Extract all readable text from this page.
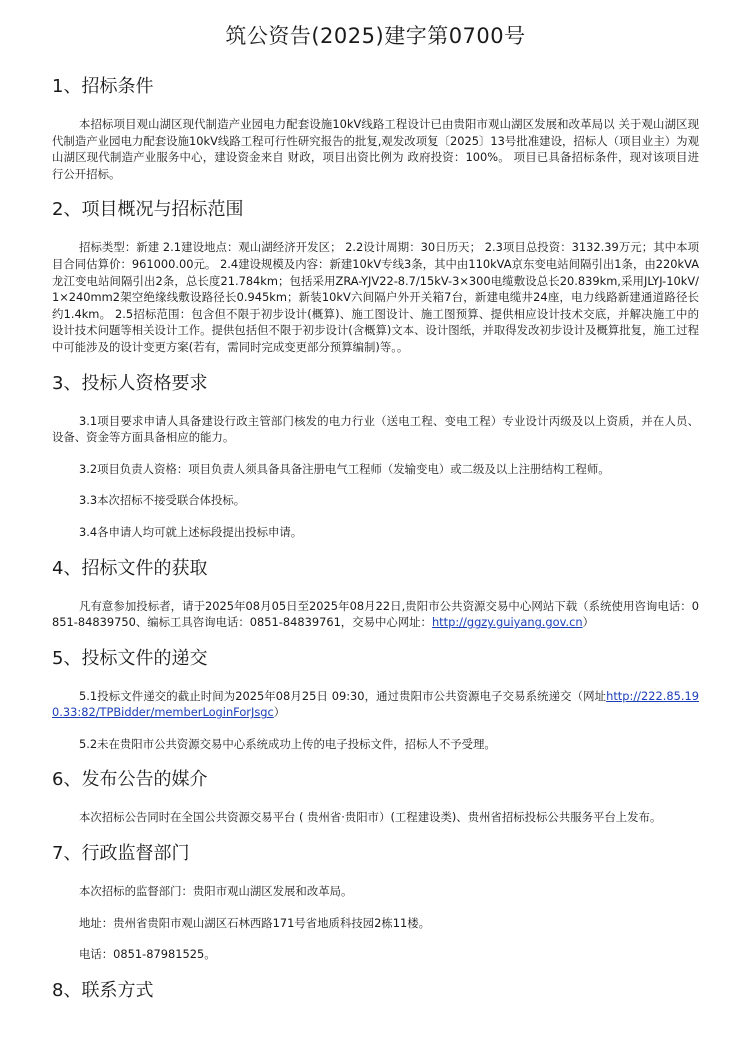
筑公资告(2025)建字第0700号
1、招标条件

本招标项目观山湖区现代制造产业园电力配套设施10kV线路工程设计已由贵阳市观山湖区发展和改革局以 关于观山湖区现代制造产业园电力配套设施10kV线路工程可行性研究报告的批复,观发改项复〔2025〕13号批准建设，招标人（项目业主）为观山湖区现代制造产业服务中心，建设资金来自 财政，项目出资比例为 政府投资：100%。 项目已具备招标条件，现对该项目进行公开招标。

2、项目概况与招标范围

招标类型：新建 2.1建设地点：观山湖经济开发区； 2.2设计周期：30日历天； 2.3项目总投资：3132.39万元；其中本项目合同估算价：961000.00元。 2.4建设规模及内容：新建10kV专线3条，其中由110kVA京东变电站间隔引出1条，由220kVA龙江变电站间隔引出2条，总长度21.784km；包括采用ZRA-YJV22-8.7/15kV-3×300电缆敷设总长20.839km,采用JLYJ-10kV/1×240mm2架空绝缘线敷设路径长0.945km；新装10kV六间隔户外开关箱7台，新建电缆井24座，电力线路新建通道路径长约1.4km。 2.5招标范围：包含但不限于初步设计(概算)、施工图设计、施工图预算、提供相应设计技术交底，并解决施工中的设计技术问题等相关设计工作。提供包括但不限于初步设计(含概算)文本、设计图纸，并取得发改初步设计及概算批复，施工过程中可能涉及的设计变更方案(若有，需同时完成变更部分预算编制)等。。

3、投标人资格要求

3.1项目要求申请人具备建设行政主管部门核发的电力行业（送电工程、变电工程）专业设计丙级及以上资质，并在人员、设备、资金等方面具备相应的能力。

3.2项目负责人资格：项目负责人须具备具备注册电气工程师（发输变电）或二级及以上注册结构工程师。

3.3本次招标不接受联合体投标。

3.4各申请人均可就上述标段提出投标申请。

4、招标文件的获取

凡有意参加投标者，请于2025年08月05日至2025年08月22日,贵阳市公共资源交易中心网站下载（系统使用咨询电话：0851-84839750、编标工具咨询电话：0851-84839761，交易中心网址：http://ggzy.guiyang.gov.cn）

5、投标文件的递交

5.1投标文件递交的截止时间为2025年08月25日 09:30，通过贵阳市公共资源电子交易系统递交（网址http://222.85.190.33:82/TPBidder/memberLoginForJsgc）

5.2未在贵阳市公共资源交易中心系统成功上传的电子投标文件，招标人不予受理。

6、发布公告的媒介

本次招标公告同时在全国公共资源交易平台 ( 贵州省·贵阳市）(工程建设类)、贵州省招标投标公共服务平台上发布。

7、行政监督部门

本次招标的监督部门：贵阳市观山湖区发展和改革局。

地址：贵州省贵阳市观山湖区石林西路171号省地质科技园2栋11楼。

电话：0851-87981525。

8、联系方式
